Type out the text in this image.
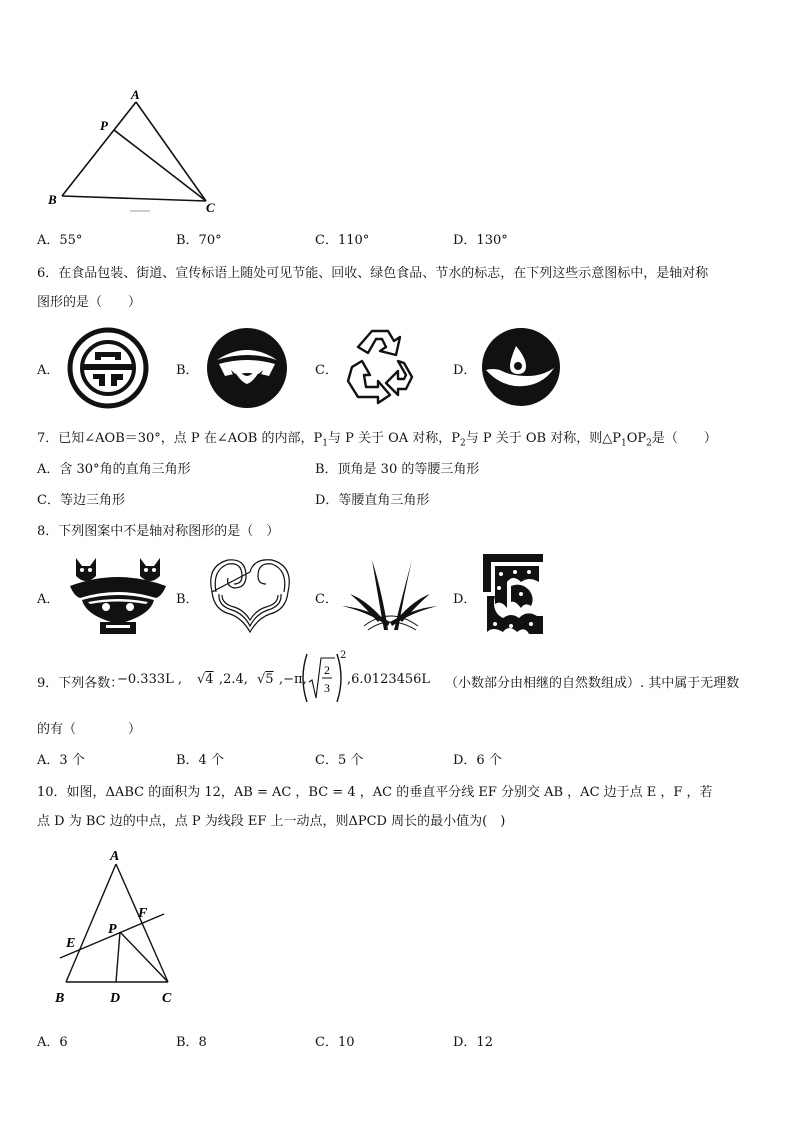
A
P
B
C
A．55°	B．70°	C．110°	D．130°
6．在食品包装、街道、宣传标语上随处可见节能、回收、绿色食品、节水的标志，在下列这些示意图标中，是轴对称
图形的是（　　）
A．	B．	C．	D．
7．已知∠AOB＝30°，点 P 在∠AOB 的内部，$P_1$与 P 关于 OA 对称，$P_2$与 P 关于 OB 对称，则$\triangle P_1OP_2$是（　　）
A．含 30°角的直角三角形	B．顶角是 30 的等腰三角形
C．等边三角形	D．等腰直角三角形
8．下列图案中不是轴对称图形的是（　）
A．	B．	C．	D．
9．下列各数：
−0.333L , √4 ,2.4, √5 ,−π,
2
3
2
,6.0123456L （小数部分由相继的自然数组成）. 其中属于无理数
的有（　　　　）
A．3 个	B．4 个	C．5 个	D．6 个
10．如图，ΔABC 的面积为 12，AB = AC ，BC = 4 ，AC 的垂直平分线 EF 分别交 AB ，AC 边于点 E ，F ，若
点 D 为 BC 边的中点，点 P 为线段 EF 上一动点，则ΔPCD 周长的最小值为(　)
A
F
E
P
B	D	C
A．6	B．8	C．10	D．12
